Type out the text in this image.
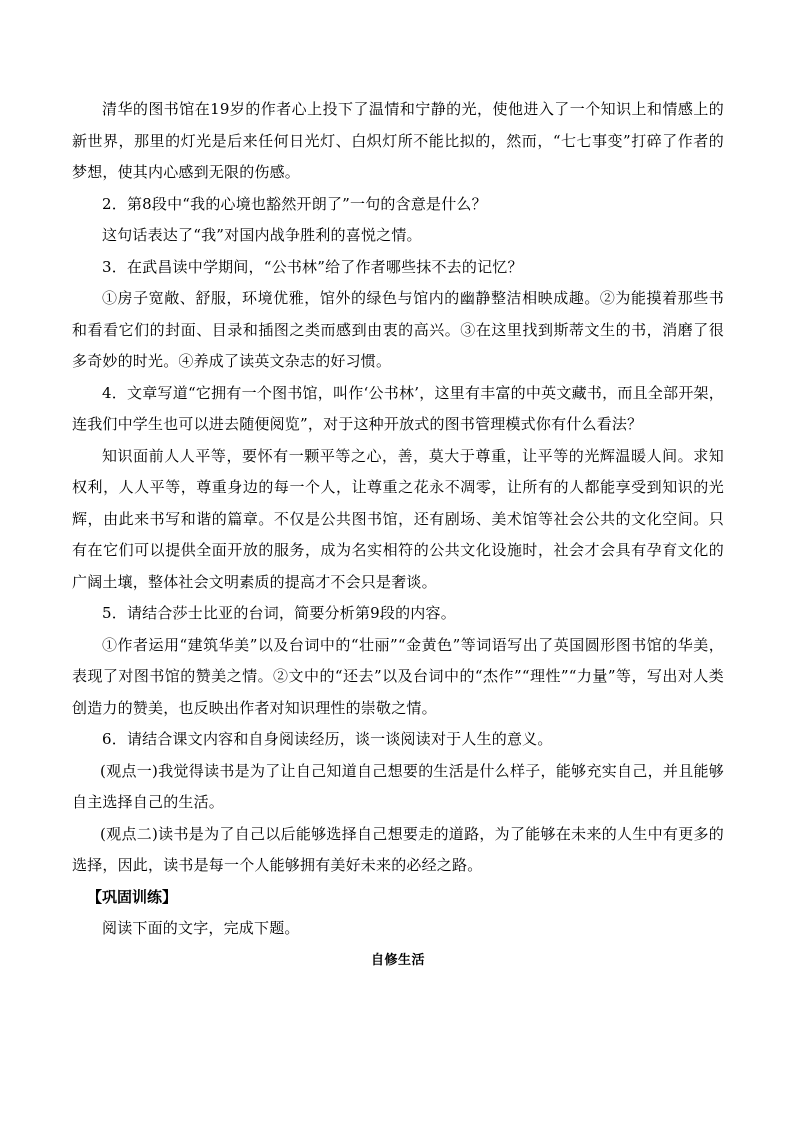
清华的图书馆在19岁的作者心上投下了温情和宁静的光，使他进入了一个知识上和情感上的新世界，那里的灯光是后来任何日光灯、白炽灯所不能比拟的，然而，“七七事变”打碎了作者的梦想，使其内心感到无限的伤感。

2．第8段中“我的心境也豁然开朗了”一句的含意是什么？

这句话表达了“我”对国内战争胜利的喜悦之情。

3．在武昌读中学期间，“公书林”给了作者哪些抹不去的记忆？

①房子宽敞、舒服，环境优雅，馆外的绿色与馆内的幽静整洁相映成趣。②为能摸着那些书和看看它们的封面、目录和插图之类而感到由衷的高兴。③在这里找到斯蒂文生的书，消磨了很多奇妙的时光。④养成了读英文杂志的好习惯。

4．文章写道“它拥有一个图书馆，叫作‘公书林’，这里有丰富的中英文藏书，而且全部开架，连我们中学生也可以进去随便阅览”，对于这种开放式的图书管理模式你有什么看法？

知识面前人人平等，要怀有一颗平等之心，善，莫大于尊重，让平等的光辉温暖人间。求知权利，人人平等，尊重身边的每一个人，让尊重之花永不凋零，让所有的人都能享受到知识的光辉，由此来书写和谐的篇章。不仅是公共图书馆，还有剧场、美术馆等社会公共的文化空间。只有在它们可以提供全面开放的服务，成为名实相符的公共文化设施时，社会才会具有孕育文化的广阔土壤，整体社会文明素质的提高才不会只是奢谈。

5．请结合莎士比亚的台词，简要分析第9段的内容。

①作者运用“建筑华美”以及台词中的“壮丽”“金黄色”等词语写出了英国圆形图书馆的华美，表现了对图书馆的赞美之情。②文中的“还去”以及台词中的“杰作”“理性”“力量”等，写出对人类创造力的赞美，也反映出作者对知识理性的崇敬之情。

6．请结合课文内容和自身阅读经历，谈一谈阅读对于人生的意义。

(观点一)我觉得读书是为了让自己知道自己想要的生活是什么样子，能够充实自己，并且能够自主选择自己的生活。

(观点二)读书是为了自己以后能够选择自己想要走的道路，为了能够在未来的人生中有更多的选择，因此，读书是每一个人能够拥有美好未来的必经之路。

【巩固训练】

阅读下面的文字，完成下题。

自修生活
